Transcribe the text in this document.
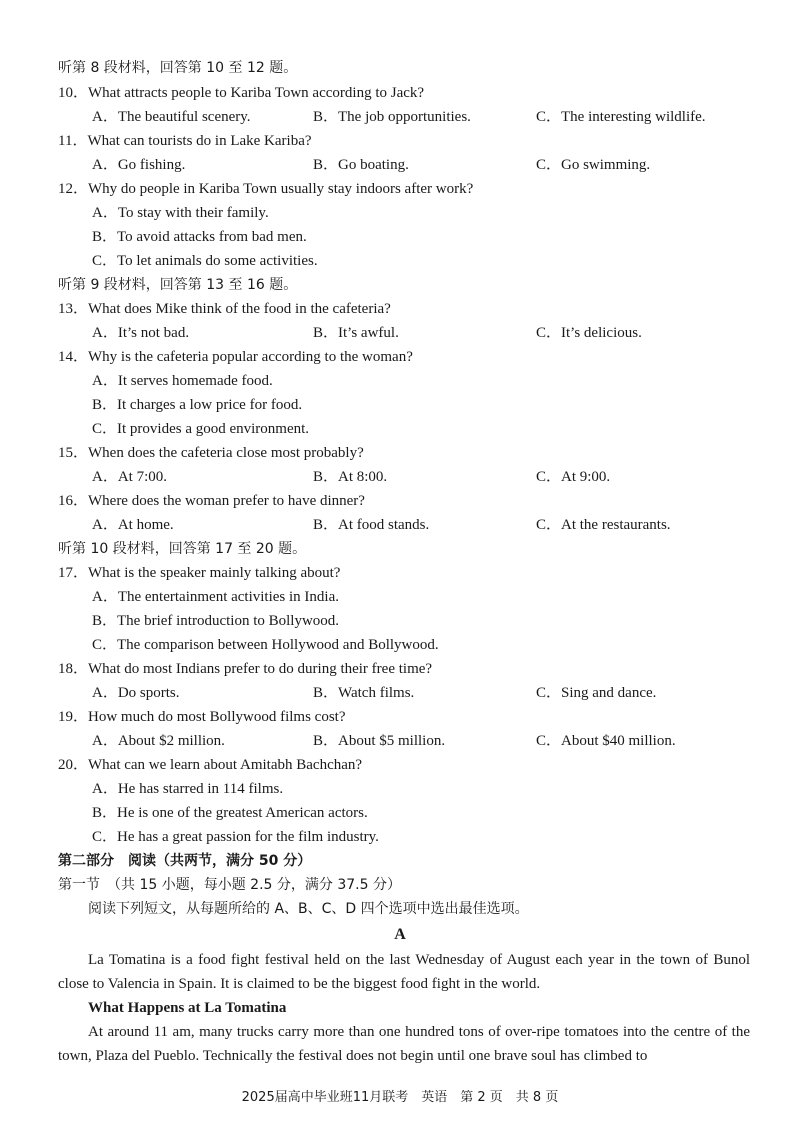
听第 8 段材料，回答第 10 至 12 题。
10．What attracts people to Kariba Town according to Jack?
A．The beautiful scenery.	B．The job opportunities.	C．The interesting wildlife.
11．What can tourists do in Lake Kariba?
A．Go fishing.	B．Go boating.	C．Go swimming.
12．Why do people in Kariba Town usually stay indoors after work?
A．To stay with their family.
B．To avoid attacks from bad men.
C．To let animals do some activities.
听第 9 段材料，回答第 13 至 16 题。
13．What does Mike think of the food in the cafeteria?
A．It’s not bad.	B．It’s awful.	C．It’s delicious.
14．Why is the cafeteria popular according to the woman?
A．It serves homemade food.
B．It charges a low price for food.
C．It provides a good environment.
15．When does the cafeteria close most probably?
A．At 7:00.	B．At 8:00.	C．At 9:00.
16．Where does the woman prefer to have dinner?
A．At home.	B．At food stands.	C．At the restaurants.
听第 10 段材料，回答第 17 至 20 题。
17．What is the speaker mainly talking about?
A．The entertainment activities in India.
B．The brief introduction to Bollywood.
C．The comparison between Hollywood and Bollywood.
18．What do most Indians prefer to do during their free time?
A．Do sports.	B．Watch films.	C．Sing and dance.
19．How much do most Bollywood films cost?
A．About $2 million.	B．About $5 million.	C．About $40 million.
20．What can we learn about Amitabh Bachchan?
A．He has starred in 114 films.
B．He is one of the greatest American actors.
C．He has a great passion for the film industry.
第二部分　阅读（共两节，满分 50 分）
第一节　（共 15 小题，每小题 2.5 分，满分 37.5 分）
阅读下列短文，从每题所给的 A、B、C、D 四个选项中选出最佳选项。
A
La Tomatina is a food fight festival held on the last Wednesday of August each year in the town of Bunol close to Valencia in Spain. It is claimed to be the biggest food fight in the world.
What Happens at La Tomatina
At around 11 am, many trucks carry more than one hundred tons of over-ripe tomatoes into the centre of the town, Plaza del Pueblo. Technically the festival does not begin until one brave soul has climbed to
2025届高中毕业班11月联考　英语　第 2 页　共 8 页
